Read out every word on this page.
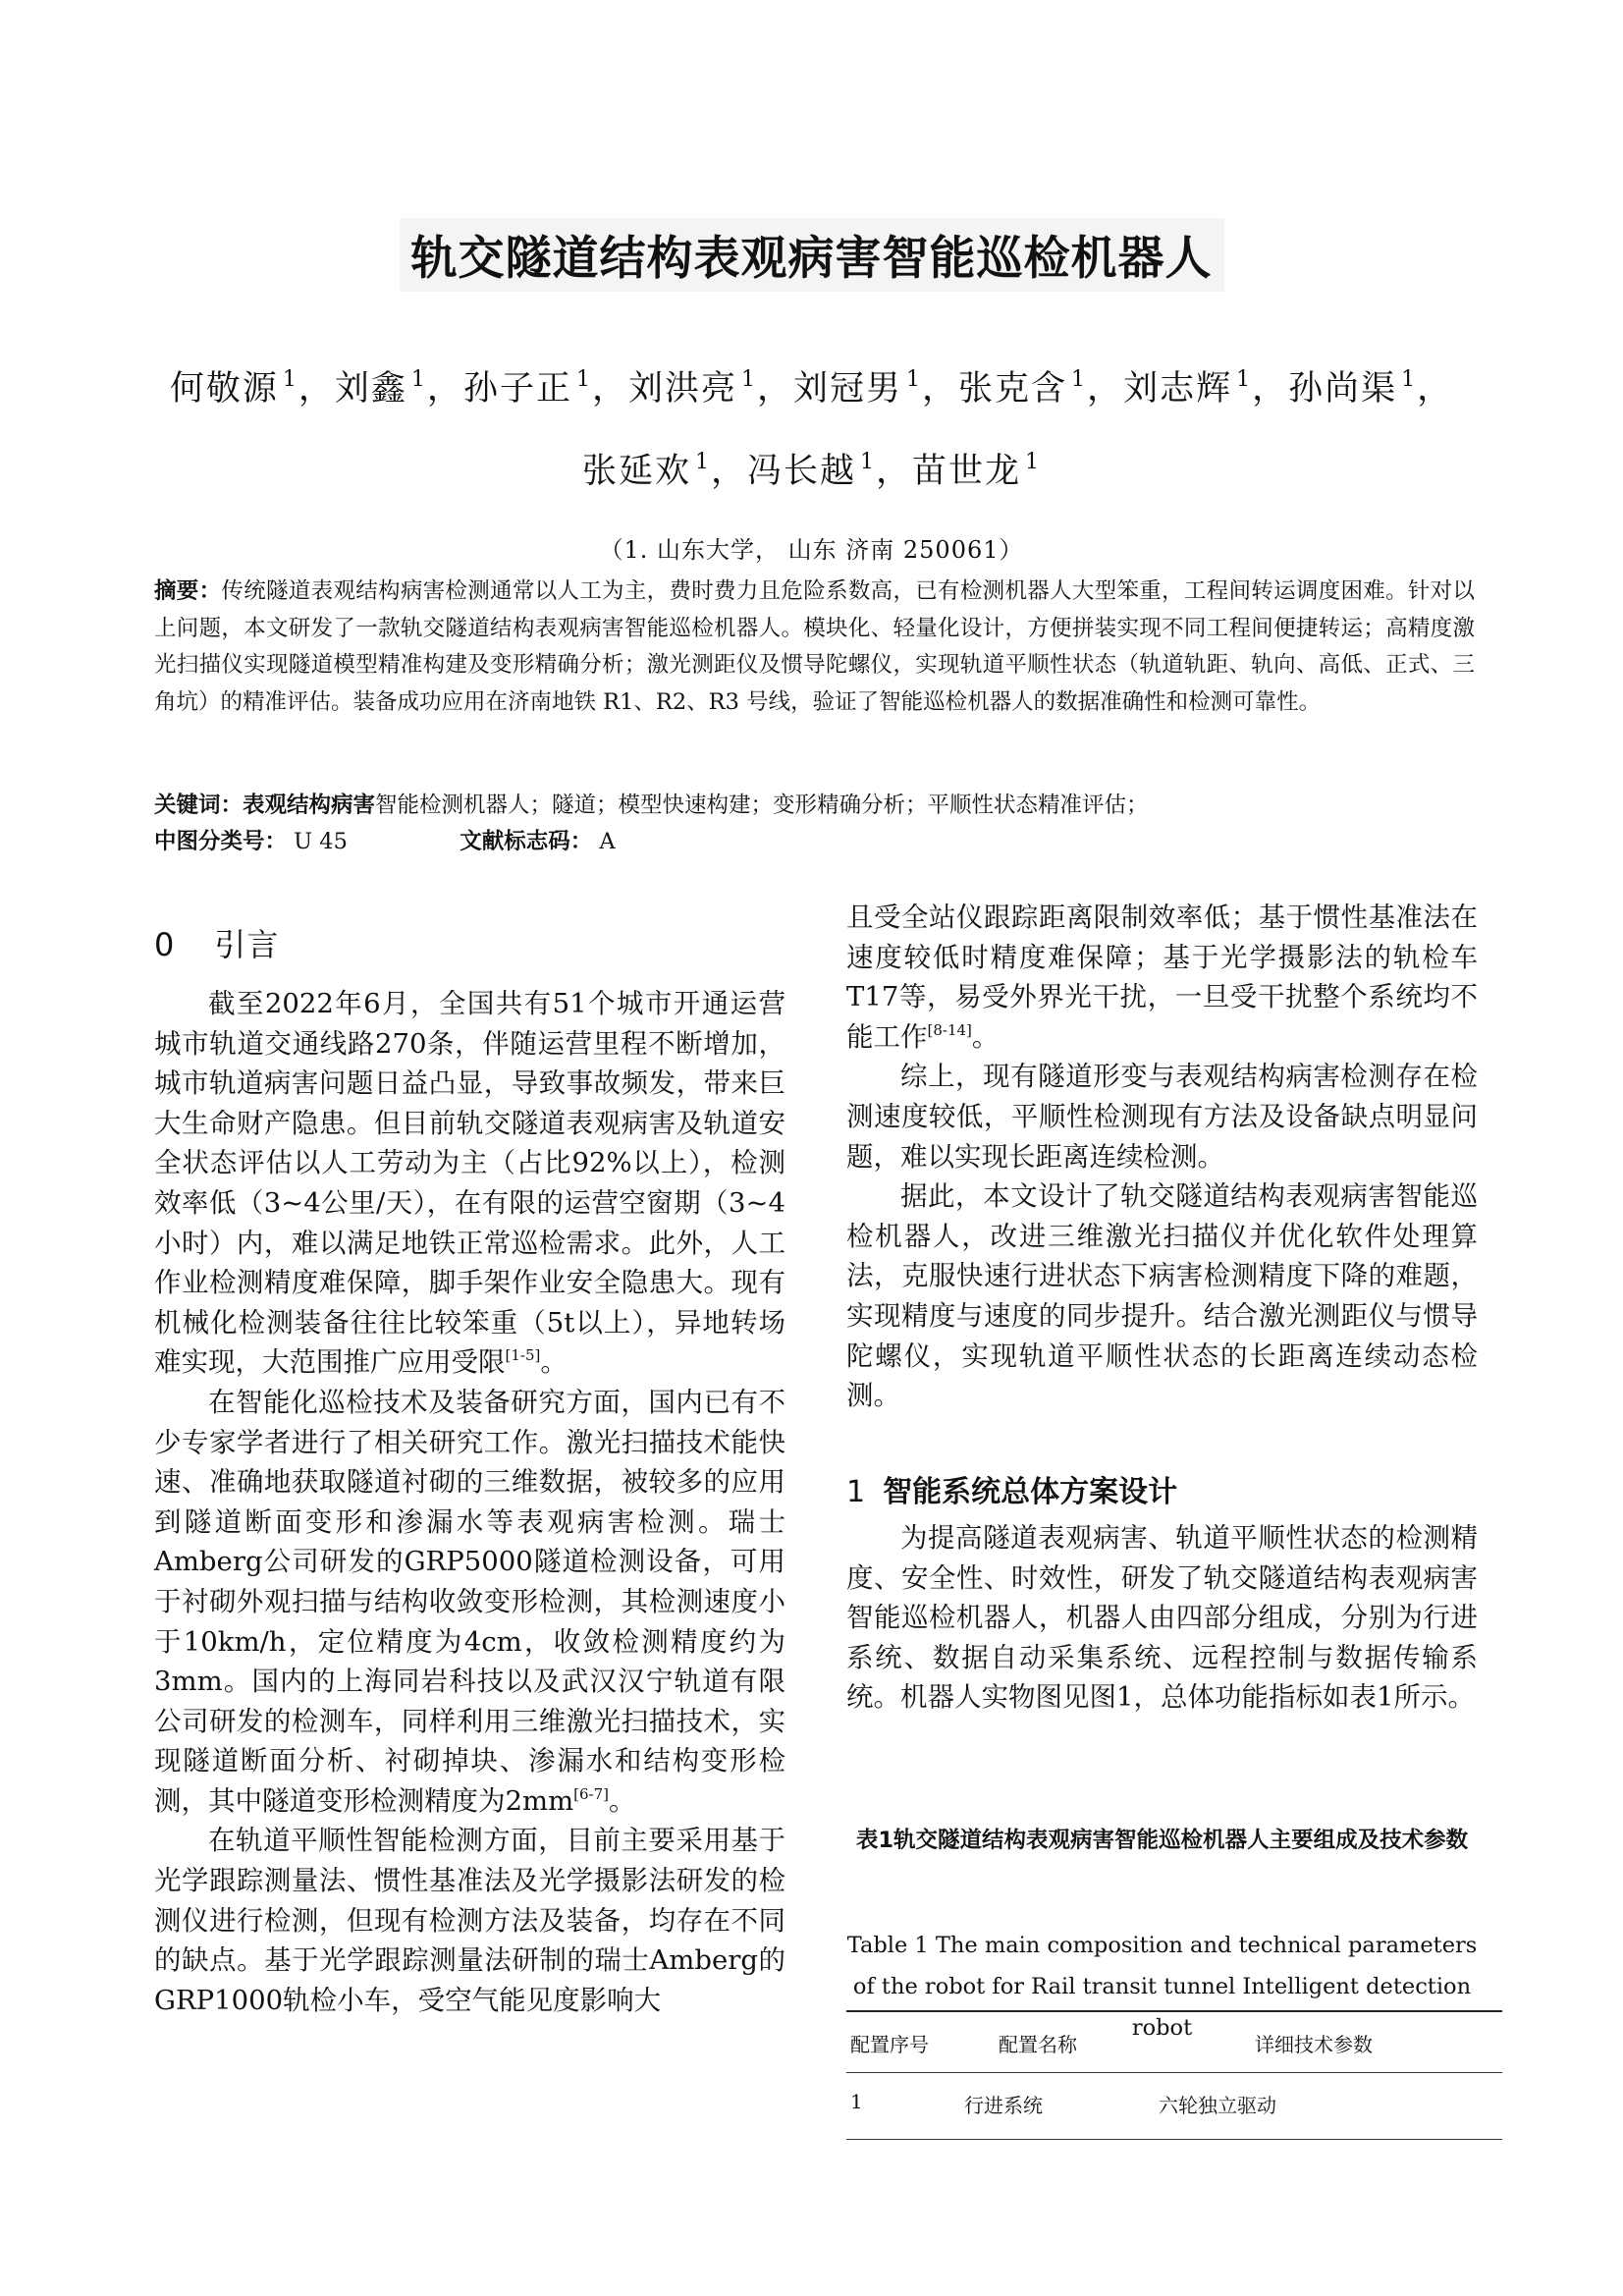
轨交隧道结构表观病害智能巡检机器人
何敬源 $^1$，刘鑫 $^1$，孙子正 $^1$，刘洪亮 $^1$，刘冠男 $^1$，张克含 $^1$，刘志辉 $^1$，孙尚渠 $^1$，
张延欢 $^1$，冯长越 $^1$，苗世龙 $^1$
（1. 山东大学， 山东 济南 250061）
摘要：传统隧道表观结构病害检测通常以人工为主，费时费力且危险系数高，已有检测机器人大型笨重，工程间转运调度困难。针对以上问题，本文研发了一款轨交隧道结构表观病害智能巡检机器人。模块化、轻量化设计，方便拼装实现不同工程间便捷转运；高精度激光扫描仪实现隧道模型精准构建及变形精确分析；激光测距仪及惯导陀螺仪，实现轨道平顺性状态（轨道轨距、轨向、高低、正式、三角坑）的精准评估。装备成功应用在济南地铁 R1、R2、R3 号线，验证了智能巡检机器人的数据准确性和检测可靠性。
关键词：表观结构病害智能检测机器人；隧道；模型快速构建；变形精确分析；平顺性状态精准评估；
中图分类号： U 45	文献标志码： A
0 引言

截至2022年6月，全国共有51个城市开通运营城市轨道交通线路270条，伴随运营里程不断增加，城市轨道病害问题日益凸显，导致事故频发，带来巨大生命财产隐患。但目前轨交隧道表观病害及轨道安全状态评估以人工劳动为主（占比92%以上），检测效率低（3~4公里/天），在有限的运营空窗期（3~4小时）内，难以满足地铁正常巡检需求。此外，人工作业检测精度难保障，脚手架作业安全隐患大。现有机械化检测装备往往比较笨重（5t以上），异地转场难实现，大范围推广应用受限[1-5]。

在智能化巡检技术及装备研究方面，国内已有不少专家学者进行了相关研究工作。激光扫描技术能快速、准确地获取隧道衬砌的三维数据，被较多的应用到隧道断面变形和渗漏水等表观病害检测。瑞士Amberg公司研发的GRP5000隧道检测设备，可用于衬砌外观扫描与结构收敛变形检测，其检测速度小于10km/h，定位精度为4cm，收敛检测精度约为3mm。国内的上海同岩科技以及武汉汉宁轨道有限公司研发的检测车，同样利用三维激光扫描技术，实现隧道断面分析、衬砌掉块、渗漏水和结构变形检测，其中隧道变形检测精度为2mm[6-7]。

在轨道平顺性智能检测方面，目前主要采用基于光学跟踪测量法、惯性基准法及光学摄影法研发的检测仪进行检测，但现有检测方法及装备，均存在不同的缺点。基于光学跟踪测量法研制的瑞士Amberg的GRP1000轨检小车，受空气能见度影响大

且受全站仪跟踪距离限制效率低；基于惯性基准法在速度较低时精度难保障；基于光学摄影法的轨检车T17等，易受外界光干扰，一旦受干扰整个系统均不能工作[8-14]。

综上，现有隧道形变与表观结构病害检测存在检测速度较低，平顺性检测现有方法及设备缺点明显问题，难以实现长距离连续检测。

据此，本文设计了轨交隧道结构表观病害智能巡检机器人，改进三维激光扫描仪并优化软件处理算法，克服快速行进状态下病害检测精度下降的难题，实现精度与速度的同步提升。结合激光测距仪与惯导陀螺仪，实现轨道平顺性状态的长距离连续动态检测。

1 智能系统总体方案设计

为提高隧道表观病害、轨道平顺性状态的检测精度、安全性、时效性，研发了轨交隧道结构表观病害智能巡检机器人，机器人由四部分组成，分别为行进系统、数据自动采集系统、远程控制与数据传输系统。机器人实物图见图1，总体功能指标如表1所示。

表1轨交隧道结构表观病害智能巡检机器人主要组成及技术参数
Table 1 The main composition and technical parameters of the robot for Rail transit tunnel Intelligent detection robot
配置序号	配置名称	详细技术参数
1	行进系统	六轮独立驱动
